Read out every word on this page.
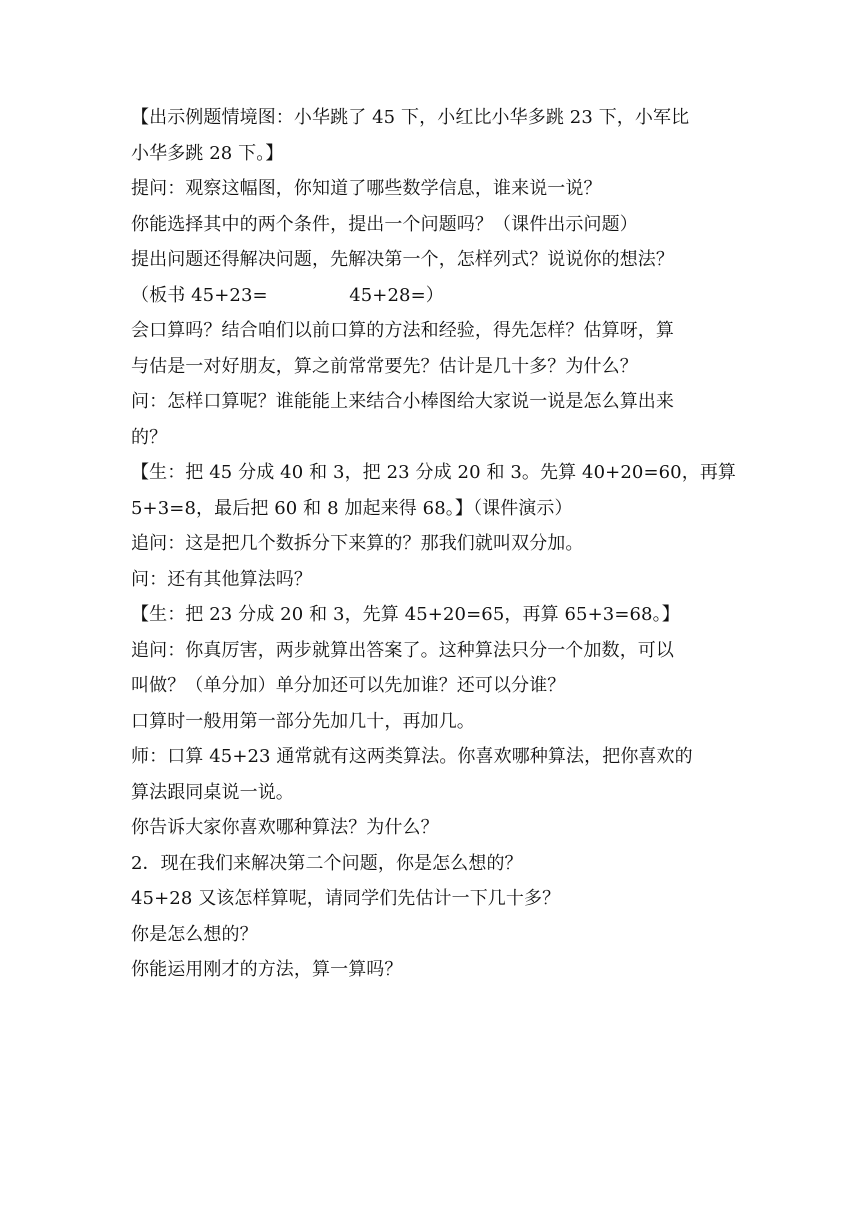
【出示例题情境图：小华跳了 45 下，小红比小华多跳 23 下，小军比
小华多跳 28 下。】
提问：观察这幅图，你知道了哪些数学信息，谁来说一说？
你能选择其中的两个条件，提出一个问题吗？（课件出示问题）
提出问题还得解决问题，先解决第一个，怎样列式？说说你的想法？
（板书 45+23=              45+28=）
会口算吗？结合咱们以前口算的方法和经验，得先怎样？估算呀，算
与估是一对好朋友，算之前常常要先？估计是几十多？为什么？
问：怎样口算呢？谁能能上来结合小棒图给大家说一说是怎么算出来
的？
【生：把 45 分成 40 和 3，把 23 分成 20 和 3。先算 40+20=60，再算
5+3=8，最后把 60 和 8 加起来得 68。】（课件演示）
追问：这是把几个数拆分下来算的？那我们就叫双分加。
问：还有其他算法吗？
【生：把 23 分成 20 和 3，先算 45+20=65，再算 65+3=68。】
追问：你真厉害，两步就算出答案了。这种算法只分一个加数，可以
叫做？（单分加）单分加还可以先加谁？还可以分谁？
口算时一般用第一部分先加几十，再加几。
师：口算 45+23 通常就有这两类算法。你喜欢哪种算法，把你喜欢的
算法跟同桌说一说。
你告诉大家你喜欢哪种算法？为什么？
2．现在我们来解决第二个问题，你是怎么想的？
45+28 又该怎样算呢，请同学们先估计一下几十多？
你是怎么想的？
你能运用刚才的方法，算一算吗？
